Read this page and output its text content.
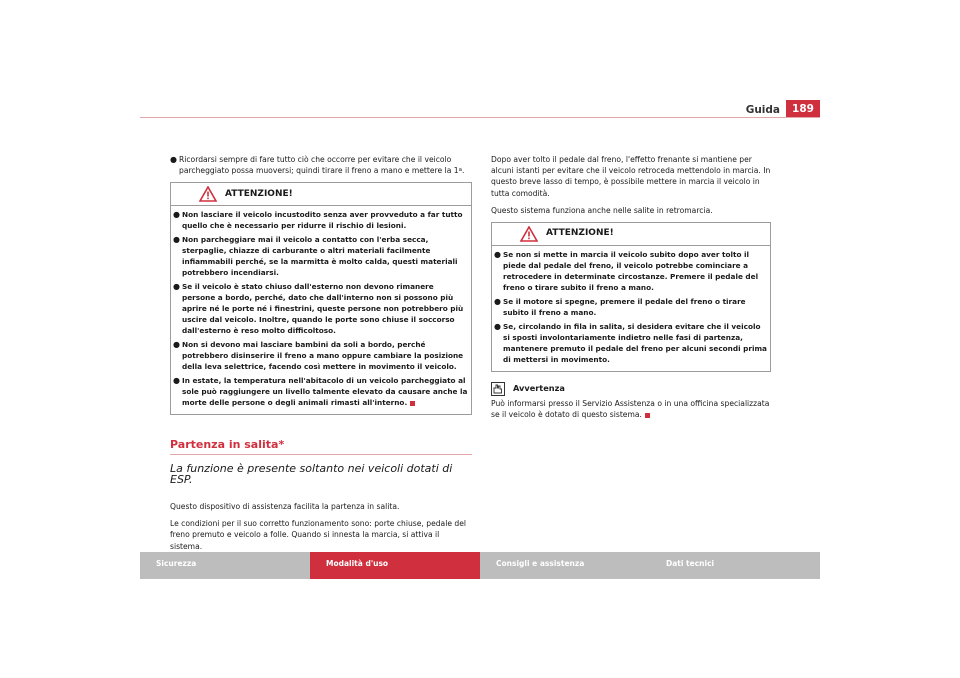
Guida	189
● Ricordarsi sempre di fare tutto ciò che occorre per evitare che il veicolo parcheggiato possa muoversi; quindi tirare il freno a mano e mettere la 1$^a$.
ATTENZIONE!
● Non lasciare il veicolo incustodito senza aver provveduto a far tutto quello che è necessario per ridurre il rischio di lesioni.
● Non parcheggiare mai il veicolo a contatto con l'erba secca, sterpaglie, chiazze di carburante o altri materiali facilmente infiammabili perché, se la marmitta è molto calda, questi materiali potrebbero incendiarsi.
● Se il veicolo è stato chiuso dall'esterno non devono rimanere persone a bordo, perché, dato che dall'interno non si possono più aprire né le porte né i finestrini, queste persone non potrebbero più uscire dal veicolo. Inoltre, quando le porte sono chiuse il soccorso dall'esterno è reso molto difficoltoso.
● Non si devono mai lasciare bambini da soli a bordo, perché potrebbero disinserire il freno a mano oppure cambiare la posizione della leva selettrice, facendo così mettere in movimento il veicolo.
● In estate, la temperatura nell'abitacolo di un veicolo parcheggiato al sole può raggiungere un livello talmente elevato da causare anche la morte delle persone o degli animali rimasti all'interno.
Partenza in salita*
La funzione è presente soltanto nei veicoli dotati di ESP.

Questo dispositivo di assistenza facilita la partenza in salita.

Le condizioni per il suo corretto funzionamento sono: porte chiuse, pedale del freno premuto e veicolo a folle. Quando si innesta la marcia, si attiva il sistema.

Dopo aver tolto il pedale dal freno, l'effetto frenante si mantiene per alcuni istanti per evitare che il veicolo retroceda mettendolo in marcia. In questo breve lasso di tempo, è possibile mettere in marcia il veicolo in tutta comodità.

Questo sistema funziona anche nelle salite in retromarcia.

ATTENZIONE!
● Se non si mette in marcia il veicolo subito dopo aver tolto il piede dal pedale del freno, il veicolo potrebbe cominciare a retrocedere in determinate circostanze. Premere il pedale del freno o tirare subito il freno a mano.
● Se il motore si spegne, premere il pedale del freno o tirare subito il freno a mano.
● Se, circolando in fila in salita, si desidera evitare che il veicolo si sposti involontariamente indietro nelle fasi di partenza, mantenere premuto il pedale del freno per alcuni secondi prima di mettersi in movimento.
Avvertenza
Può informarsi presso il Servizio Assistenza o in una officina specializzata se il veicolo è dotato di questo sistema.
Sicurezza	Modalità d'uso	Consigli e assistenza	Dati tecnici
